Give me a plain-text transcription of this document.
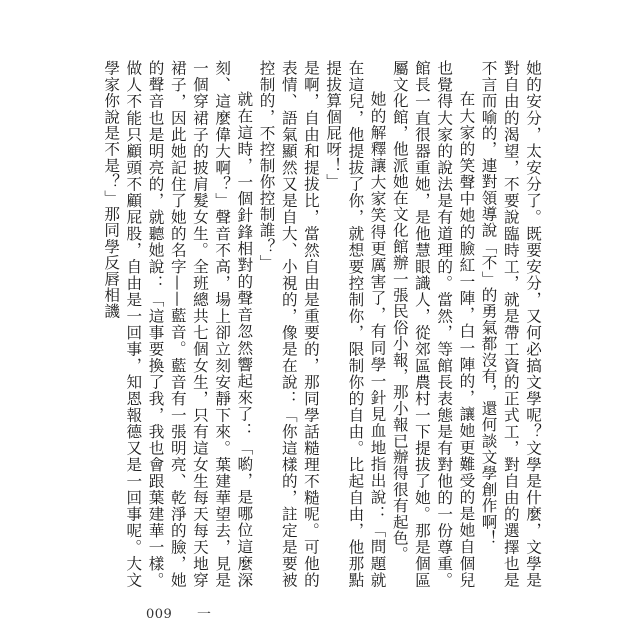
她的安分，太安分了。既要安分，又何必搞文學呢？文學是什麼，文學是對自由的渴望，不要說臨時工，就是帶工資的正式工，對自由的選擇也是不言而喻的，連對領導說「不」的勇氣都沒有，還何談文學創作啊！

在大家的笑聲中她的臉紅一陣，白一陣的，讓她更難受的是她自個兒也覺得大家的說法是有道理的。當然，等館長表態是有對他的一份尊重。館長一直很器重她，是他慧眼識人，從郊區農村一下提拔了她。那是個區屬文化館，他派她在文化館辦一張民俗小報，那小報已辦得很有起色。

她的解釋讓大家笑得更厲害了，有同學一針見血地指出說：「問題就在這兒，他提拔了你，就想要控制你，限制你的自由。比起自由，他那點提拔算個屁呀！」

是啊，自由和提拔比，當然自由是重要的，那同學話糙理不糙呢。可他的表情、語氣顯然又是自大、小視的，像是在說：「你這樣的，註定是要被控制的，不控制你控制誰？」

就在這時，一個針鋒相對的聲音忽然響起來了：「喲，是哪位這麼深刻、這麼偉大啊？」聲音不高，場上卻立刻安靜下來。葉建華望去，見是一個穿裙子的披肩髮女生。全班總共七個女生，只有這女生每天每天地穿裙子，因此她記住了她的名字——藍音。藍音有一張明亮、乾淨的臉，她的聲音也是明亮的，就聽她說：「這事要換了我，我也會跟葉建華一樣。做人不能只顧頭不顧屁股，自由是一回事，知恩報德又是一回事呢。大文學家你說是不是？」那同學反唇相譏

009 一
